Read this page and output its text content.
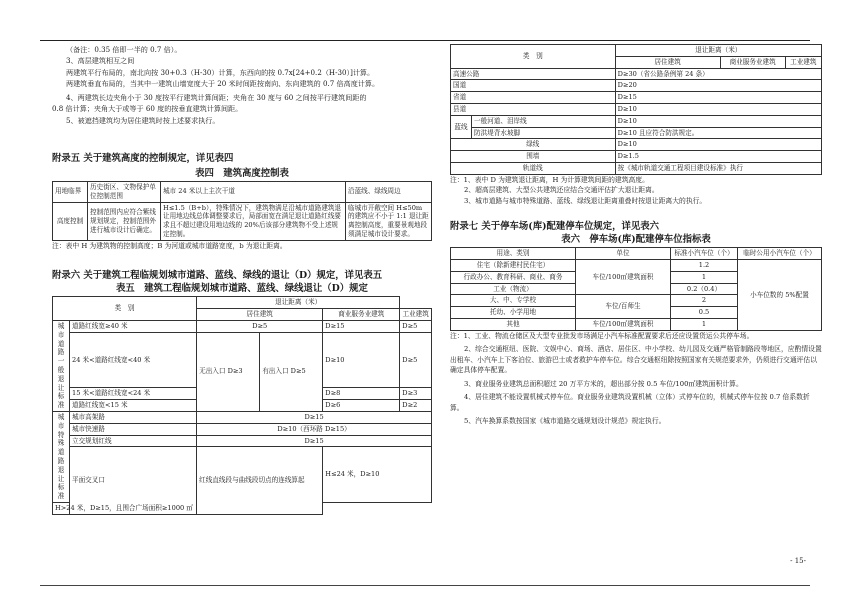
（备注：0.35 倍即一半的 0.7 倍）。

3、高层建筑相互之间

两建筑平行布局的，南北向按 30+0.3（H-30）计算，东西向的按 0.7x[24+0.2（H-30）]计算。

两建筑垂直布局的，当其中一建筑山墙宽度大于 20 米时间距按南向、东向建筑的 0.7 倍高度计算。

4、两建筑长边夹角小于 30 度按平行建筑计算间距；夹角在 30 度与 60 之间按平行建筑间距的

0.8 倍计算；夹角大于或等于 60 度的按垂直建筑计算间距。

5、被遮挡建筑均为居住建筑时按上述要求执行。

附录五 关于建筑高度的控制规定，详见表四
表四　建筑高度控制表
用地临界	历史街区、文物保护单位控制范围	城市 24 米以上主次干道	沿蓝线、绿线周边
高度控制	控制范围内应符合紫线规划规定，控制范围外进行城市设计后确定。	H≤1.5（B+b），特殊情况下，建筑物满足沿城市道路建筑退让用地边线总体调整要求后，局部面宽在满足退让道路红线要求且不超过建设用地边线的 20%后该部分建筑物不受上述规定控制。	临城市开敞空间 H≤50m 的建筑应不小于 1:1 退让距离控制高度，重要景观地段须满足城市设计要求。

注：表中 H 为建筑物的控制高度；B 为河道或城市道路宽度，b 为退让距离。

附录六 关于建筑工程临规划城市道路、蓝线、绿线的退让（D）规定，详见表五
表五　建筑工程临规划城市道路、蓝线、绿线退让（D）规定
类　别		退让距离（米）			
		居住建筑		商业服务业建筑	工业建筑
城市道路一般退让标准	道路红线宽≥40 米	D≥5		D≥15	D≥5
	24 米<道路红线宽<40 米	无出入口 D≥3	有出入口 D≥5	D≥10	D≥5
	15 米<道路红线宽<24 米			D≥8	D≥3
	道路红线宽<15 米			D≥6	D≥2
城市特殊道路退让标准	城市高架路	D≥15			
	城市快速路	D≥10（西环路 D≥15）			
	立交规划红线	D≥15			
	平面交叉口	红线直线段与曲线段切点的连线算起		H≤24 米，D≥10	
H>24 米，D≥15，且围合广场面积≥1000 ㎡					
类　别		退让距离（米）		
		居住建筑	商业服务业建筑	工业建筑
高速公路		D≥30（省公路条例第 24 条）		
国道		D≥20		
省道		D≥15		
县道		D≥10		
蓝线	一般河道、泪岸线	D≥10		
	防洪堤背水坡脚	D≥10 且应符合防洪规定。		
绿线		D≥10		
围墙		D≥1.5		
轨道线		按《城市轨道交通工程项目建设标准》执行		

注：1、表中 D 为建筑退让距离，H 为计算建筑间距的建筑高度。

2、超高层建筑、大型公共建筑还应结合交通评估扩大退让距离。

3、城市道路与城市特殊道路、蓝线、绿线退让距离重叠时按退让距离大的执行。

附录七 关于停车场(库)配建停车位规定，详见表六
表六　停车场(库)配建停车位指标表
用途、类别	单位	标准小汽车位（个）	临时公用小汽车位（个）
住宅（除新建村民住宅）	车位/100㎡建筑面积	1.2	小车位数的 5%配置
行政办公、教育科研、商业、商务		1	
工业（物流）		0.2（0.4）	
大、中、专学校	车位/百师生	2	
托幼、小学用地		0.5	
其他	车位/100㎡建筑面积	1	

注：1、工业、物流仓储区及大型专业批发市场满足小汽车标准配置要求后还应设置货运公共停车场。

2、综合交通枢纽、医院、文娱中心、商场、酒店、居住区、中小学校、幼儿园及交通严格管制路段等地区，应酌情设置出租车、小汽车上下客泊位、旅游巴士或者救护车停车位。综合交通枢纽除按照国家有关规范要求外，仍须进行交通评估以确定具体停车配置。

3、商业服务业建筑总面积超过 20 万平方米的，超出部分按 0.5 车位/100㎡建筑面积计算。

4、居住建筑不能设置机械式停车位。商业服务业建筑设置机械（立体）式停车位的，机械式停车位按 0.7 倍系数折算。

5、汽车换算系数按国家《城市道路交通规划设计规范》规定执行。

- 15-
